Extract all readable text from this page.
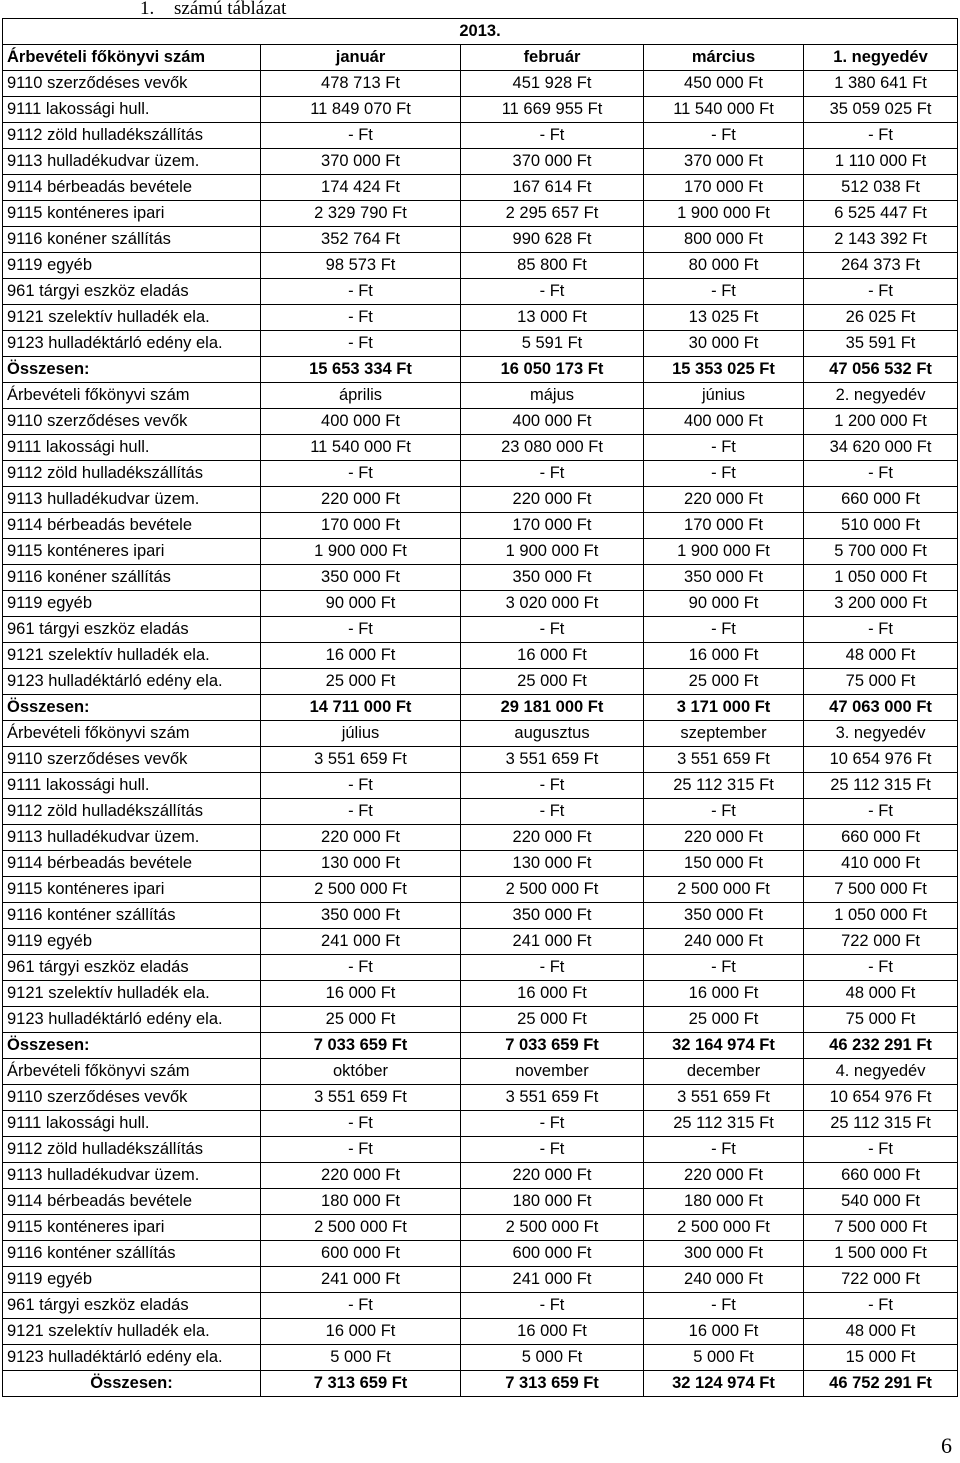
1. számú táblázat
2013.				
Árbevételi főkönyvi szám	január	február	március	1. negyedév
9110 szerződéses vevők	478 713 Ft	451 928 Ft	450 000 Ft	1 380 641 Ft
9111 lakossági hull.	11 849 070 Ft	11 669 955 Ft	11 540 000 Ft	35 059 025 Ft
9112 zöld hulladékszállítás	- Ft	- Ft	- Ft	- Ft
9113 hulladékudvar üzem.	370 000 Ft	370 000 Ft	370 000 Ft	1 110 000 Ft
9114 bérbeadás bevétele	174 424 Ft	167 614 Ft	170 000 Ft	512 038 Ft
9115 konténeres ipari	2 329 790 Ft	2 295 657 Ft	1 900 000 Ft	6 525 447 Ft
9116 konéner szállítás	352 764 Ft	990 628 Ft	800 000 Ft	2 143 392 Ft
9119 egyéb	98 573 Ft	85 800 Ft	80 000 Ft	264 373 Ft
961 tárgyi eszköz eladás	- Ft	- Ft	- Ft	- Ft
9121 szelektív hulladék ela.	- Ft	13 000 Ft	13 025 Ft	26 025 Ft
9123 hulladéktárló edény ela.	- Ft	5 591 Ft	30 000 Ft	35 591 Ft
Összesen:	15 653 334 Ft	16 050 173 Ft	15 353 025 Ft	47 056 532 Ft
Árbevételi főkönyvi szám	április	május	június	2. negyedév
9110 szerződéses vevők	400 000 Ft	400 000 Ft	400 000 Ft	1 200 000 Ft
9111 lakossági hull.	11 540 000 Ft	23 080 000 Ft	- Ft	34 620 000 Ft
9112 zöld hulladékszállítás	- Ft	- Ft	- Ft	- Ft
9113 hulladékudvar üzem.	220 000 Ft	220 000 Ft	220 000 Ft	660 000 Ft
9114 bérbeadás bevétele	170 000 Ft	170 000 Ft	170 000 Ft	510 000 Ft
9115 konténeres ipari	1 900 000 Ft	1 900 000 Ft	1 900 000 Ft	5 700 000 Ft
9116 konéner szállítás	350 000 Ft	350 000 Ft	350 000 Ft	1 050 000 Ft
9119 egyéb	90 000 Ft	3 020 000 Ft	90 000 Ft	3 200 000 Ft
961 tárgyi eszköz eladás	- Ft	- Ft	- Ft	- Ft
9121 szelektív hulladék ela.	16 000 Ft	16 000 Ft	16 000 Ft	48 000 Ft
9123 hulladéktárló edény ela.	25 000 Ft	25 000 Ft	25 000 Ft	75 000 Ft
Összesen:	14 711 000 Ft	29 181 000 Ft	3 171 000 Ft	47 063 000 Ft
Árbevételi főkönyvi szám	július	augusztus	szeptember	3. negyedév
9110 szerződéses vevők	3 551 659 Ft	3 551 659 Ft	3 551 659 Ft	10 654 976 Ft
9111 lakossági hull.	- Ft	- Ft	25 112 315 Ft	25 112 315 Ft
9112 zöld hulladékszállítás	- Ft	- Ft	- Ft	- Ft
9113 hulladékudvar üzem.	220 000 Ft	220 000 Ft	220 000 Ft	660 000 Ft
9114 bérbeadás bevétele	130 000 Ft	130 000 Ft	150 000 Ft	410 000 Ft
9115 konténeres ipari	2 500 000 Ft	2 500 000 Ft	2 500 000 Ft	7 500 000 Ft
9116 konténer szállítás	350 000 Ft	350 000 Ft	350 000 Ft	1 050 000 Ft
9119 egyéb	241 000 Ft	241 000 Ft	240 000 Ft	722 000 Ft
961 tárgyi eszköz eladás	- Ft	- Ft	- Ft	- Ft
9121 szelektív hulladék ela.	16 000 Ft	16 000 Ft	16 000 Ft	48 000 Ft
9123 hulladéktárló edény ela.	25 000 Ft	25 000 Ft	25 000 Ft	75 000 Ft
Összesen:	7 033 659 Ft	7 033 659 Ft	32 164 974 Ft	46 232 291 Ft
Árbevételi főkönyvi szám	október	november	december	4. negyedév
9110 szerződéses vevők	3 551 659 Ft	3 551 659 Ft	3 551 659 Ft	10 654 976 Ft
9111 lakossági hull.	- Ft	- Ft	25 112 315 Ft	25 112 315 Ft
9112 zöld hulladékszállítás	- Ft	- Ft	- Ft	- Ft
9113 hulladékudvar üzem.	220 000 Ft	220 000 Ft	220 000 Ft	660 000 Ft
9114 bérbeadás bevétele	180 000 Ft	180 000 Ft	180 000 Ft	540 000 Ft
9115 konténeres ipari	2 500 000 Ft	2 500 000 Ft	2 500 000 Ft	7 500 000 Ft
9116 konténer szállítás	600 000 Ft	600 000 Ft	300 000 Ft	1 500 000 Ft
9119 egyéb	241 000 Ft	241 000 Ft	240 000 Ft	722 000 Ft
961 tárgyi eszköz eladás	- Ft	- Ft	- Ft	- Ft
9121 szelektív hulladék ela.	16 000 Ft	16 000 Ft	16 000 Ft	48 000 Ft
9123 hulladéktárló edény ela.	5 000 Ft	5 000 Ft	5 000 Ft	15 000 Ft
Összesen:	7 313 659 Ft	7 313 659 Ft	32 124 974 Ft	46 752 291 Ft
6
